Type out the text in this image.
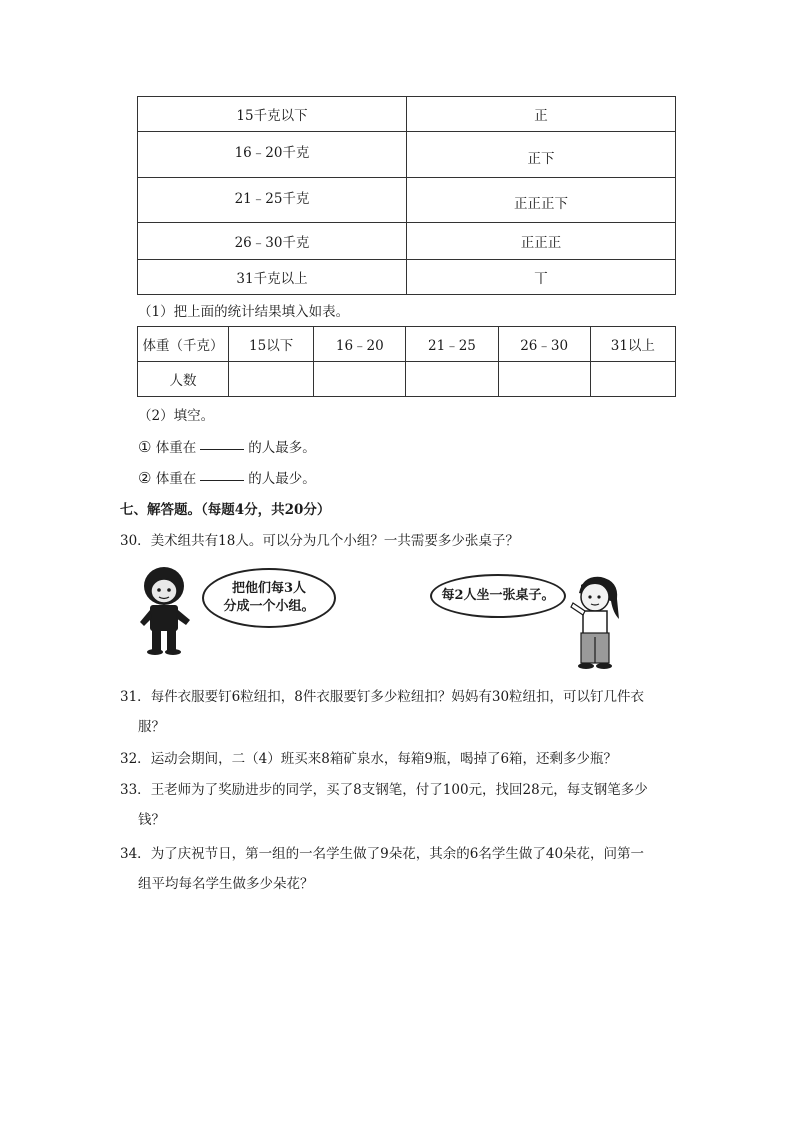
15千克以下	正
16﹣20千克	正下
21﹣25千克	正正正下
26﹣30千克	正正正
31千克以上	丅
（1）把上面的统计结果填入如表。
体重（千克）	15以下	16﹣20	21﹣25	26﹣30	31以上
人数					
（2）填空。
① 体重在	的人最多。
② 体重在	的人最少。
七、解答题。（每题4分，共20分）
30．美术组共有18人。可以分为几个小组？一共需要多少张桌子？
把他们每3人
分成一个小组。
每2人坐一张桌子。
31．每件衣服要钉6粒纽扣，8件衣服要钉多少粒纽扣？妈妈有30粒纽扣，可以钉几件衣
服？
32．运动会期间，二（4）班买来8箱矿泉水，每箱9瓶，喝掉了6箱，还剩多少瓶？
33．王老师为了奖励进步的同学，买了8支钢笔，付了100元，找回28元，每支钢笔多少
钱？
34．为了庆祝节日，第一组的一名学生做了9朵花，其余的6名学生做了40朵花，问第一
组平均每名学生做多少朵花？
